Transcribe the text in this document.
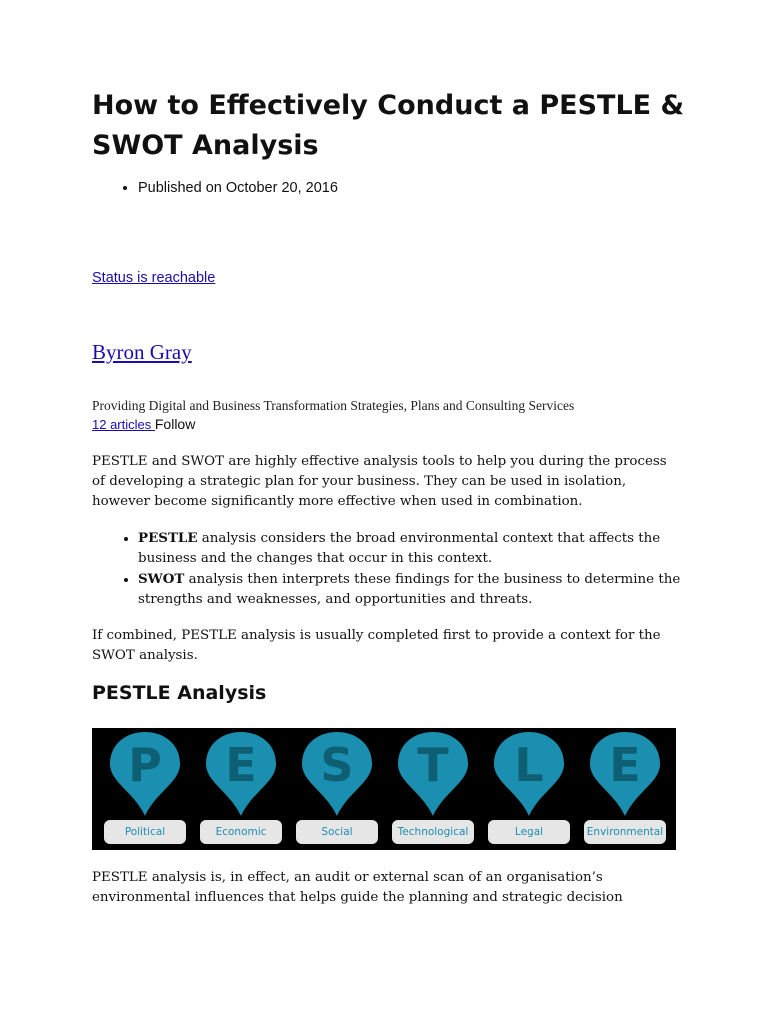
How to Effectively Conduct a PESTLE & SWOT Analysis
• Published on October 20, 2016
Status is reachable
Byron Gray
Providing Digital and Business Transformation Strategies, Plans and Consulting Services
12 articles Follow

PESTLE and SWOT are highly effective analysis tools to help you during the process of developing a strategic plan for your business. They can be used in isolation, however become significantly more effective when used in combination.

• PESTLE analysis considers the broad environmental context that affects the business and the changes that occur in this context.
• SWOT analysis then interprets these findings for the business to determine the strengths and weaknesses, and opportunities and threats.

If combined, PESTLE analysis is usually completed first to provide a context for the SWOT analysis.

PESTLE Analysis
P
Political
E
Economic
S
Social
T
Technological
L
Legal
E
Environmental

PESTLE analysis is, in effect, an audit or external scan of an organisation’s environmental influences that helps guide the planning and strategic decision
